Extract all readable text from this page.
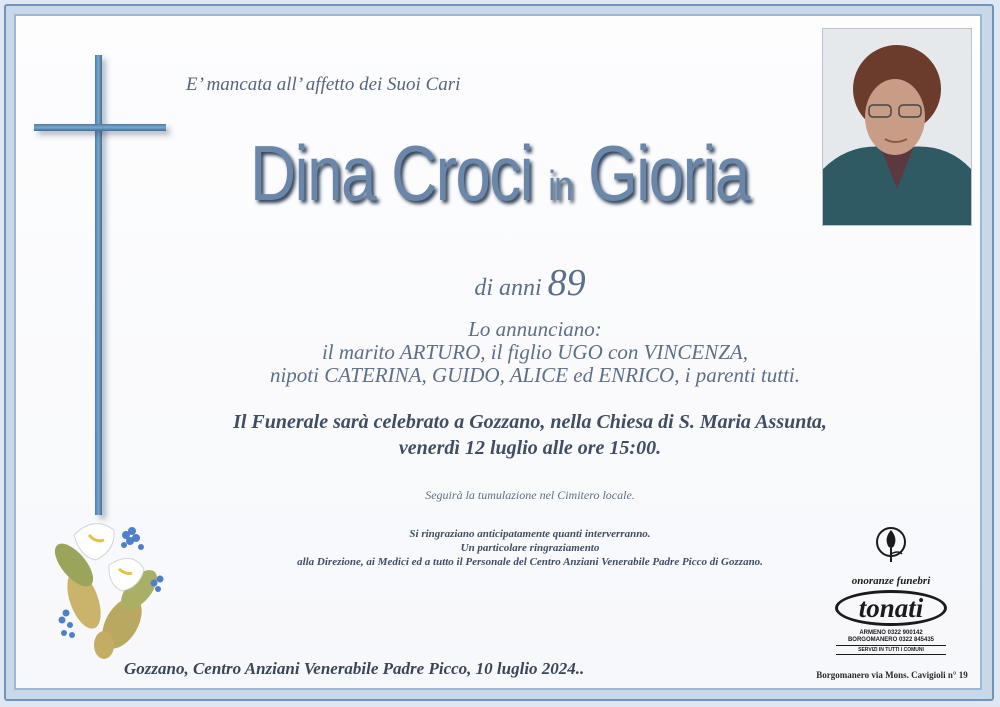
E’ mancata all’ affetto dei Suoi Cari
Dina Croci in Gioria
di anni 89
Lo annunciano:
il marito ARTURO, il figlio UGO con VINCENZA,
nipoti CATERINA, GUIDO, ALICE ed ENRICO, i parenti tutti.
Il Funerale sarà celebrato a Gozzano, nella Chiesa di S. Maria Assunta,
venerdì 12 luglio alle ore 15:00.
Seguirà la tumulazione nel Cimitero locale.
Si ringraziano anticipatamente quanti interverranno.
Un particolare ringraziamento
alla Direzione, ai Medici ed a tutto il Personale del Centro Anziani Venerabile Padre Picco di Gozzano.
Gozzano, Centro Anziani Venerabile Padre Picco, 10 luglio 2024..
onoranze funebri
tonati
ARMENO 0322 900142
BORGOMANERO 0322 845435
SERVIZI IN TUTTI I COMUNI
Borgomanero via Mons. Cavigioli n° 19
